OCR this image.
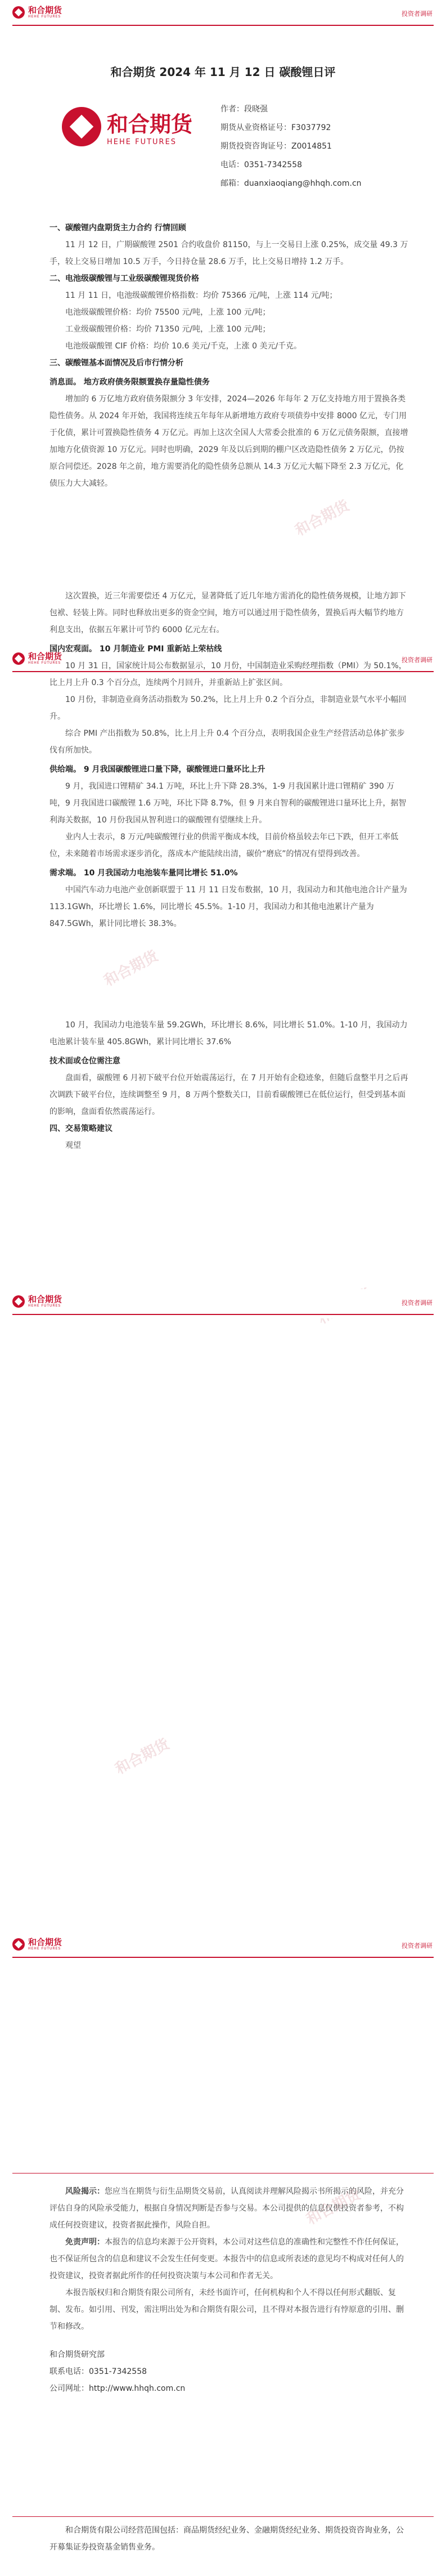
和合期货
HEHE FUTURES	投资者调研
和合期货 2024 年 11 月 12 日 碳酸锂日评
和合期货
HEHE FUTURES
作者：段晓强
期货从业资格证号：F3037792
期货投资咨询证号：Z0014851
电话：0351-7342558
邮箱：duanxiaoqiang@hhqh.com.cn
和合期货
和合期货
和合期货
和合期货
和合期货
HEHE FUTURES	投资者调研
和合期货
HEHE FUTURES	投资者调研
和合期货
HEHE FUTURES	投资者调研
一、碳酸锂内盘期货主力合约 行情回顾
11 月 12 日，广期碳酸锂 2501 合约收盘价 81150，与上一交易日上涨 0.25%，成交量 49.3 万手，较上交易日增加 10.5 万手，今日持仓量 28.6 万手，比上交易日增持 1.2 万手。
二、电池级碳酸锂与工业级碳酸锂现货价格
11 月 11 日，电池级碳酸锂价格指数：均价 75366 元/吨，上涨 114 元/吨；
电池级碳酸锂价格：均价 75500 元/吨，上涨 100 元/吨；
工业级碳酸锂价格：均价 71350 元/吨，上涨 100 元/吨；
电池级碳酸锂 CIF 价格：均价 10.6 美元/千克，上涨 0 美元/千克。
三、碳酸锂基本面情况及后市行情分析
消息面。 地方政府债务限额置换存量隐性债务
增加的 6 万亿地方政府债务限额分 3 年安排，2024—2026 年每年 2 万亿支持地方用于置换各类隐性债务。从 2024 年开始，我国将连续五年每年从新增地方政府专项债券中安排 8000 亿元，专门用于化债，累计可置换隐性债务 4 万亿元。再加上这次全国人大常委会批准的 6 万亿元债务限额，直接增加地方化债资源 10 万亿元。同时也明确，2029 年及以后到期的棚户区改造隐性债务 2 万亿元，仍按原合同偿还。2028 年之前，地方需要消化的隐性债务总额从 14.3 万亿元大幅下降至 2.3 万亿元，化债压力大大减轻。
这次置换，近三年需要偿还 4 万亿元，显著降低了近几年地方需消化的隐性债务规模，让地方卸下包袱、轻装上阵。同时也释放出更多的资金空间，地方可以通过用于隐性债务，置换后再大幅节约地方利息支出，依据五年累计可节约 6000 亿元左右。
国内宏观面。 10 月制造业 PMI 重新站上荣枯线
10 月 31 日，国家统计局公布数据显示，10 月份，中国制造业采购经理指数（PMI）为 50.1%，比上月上升 0.3 个百分点，连续两个月回升，并重新站上扩张区间。
10 月份，非制造业商务活动指数为 50.2%，比上月上升 0.2 个百分点，非制造业景气水平小幅回升。
综合 PMI 产出指数为 50.8%，比上月上升 0.4 个百分点，表明我国企业生产经营活动总体扩张步伐有所加快。
供给端。 9 月我国碳酸锂进口量下降，碳酸锂进口量环比上升
9 月，我国进口锂精矿 34.1 万吨，环比上升下降 28.3%，1-9 月我国累计进口锂精矿 390 万吨，9 月我国进口碳酸锂 1.6 万吨，环比下降 8.7%，但 9 月来自智利的碳酸锂进口量环比上升，据智利海关数据，10 月份我国从智利进口的碳酸锂有望继续上升。
业内人士表示，8 万元/吨碳酸锂行业的供需平衡成本线，目前价格虽较去年已下跌，但开工率低位，未来随着市场需求逐步消化，落成本产能陆续出清，碳价“磨底”的情况有望得到改善。
需求端。 10 月我国动力电池装车量同比增长 51.0%
中国汽车动力电池产业创新联盟于 11 月 11 日发布数据，10 月，我国动力和其他电池合计产量为 113.1GWh，环比增长 1.6%，同比增长 45.5%。1-10 月，我国动力和其他电池累计产量为 847.5GWh，累计同比增长 38.3%。
10 月，我国动力电池装车量 59.2GWh，环比增长 8.6%，同比增长 51.0%。1-10 月，我国动力电池累计装车量 405.8GWh，累计同比增长 37.6%
技术面或仓位需注意
盘面看，碳酸锂 6 月初下破平台位开始震荡运行，在 7 月开始有企稳迹象，但随后盘整半月之后再次调跌下破平台位，连续调整至 9 月，8 万两个整数关口，目前看碳酸锂已在低位运行，但受到基本面的影响，盘面看依然震荡运行。
四、交易策略建议
观望
风险揭示：您应当在期货与衍生品期货交易前，认真阅读并理解风险揭示书所揭示的风险，并充分评估自身的风险承受能力，根据自身情况判断是否参与交易。本公司提供的信息仅供投资者参考，不构成任何投资建议，投资者据此操作，风险自担。
免责声明：本报告的信息均来源于公开资料，本公司对这些信息的准确性和完整性不作任何保证，也不保证所包含的信息和建议不会发生任何变更。本报告中的信息或所表述的意见均不构成对任何人的投资建议，投资者据此所作的任何投资决策与本公司和作者无关。
本报告版权归和合期货有限公司所有，未经书面许可，任何机构和个人不得以任何形式翻版、复制、发布。如引用、刊发，需注明出处为和合期货有限公司，且不得对本报告进行有悖原意的引用、删节和修改。
和合期货研究部
联系电话：0351-7342558
公司网址：http://www.hhqh.com.cn
和合期货有限公司经营范围包括：商品期货经纪业务、金融期货经纪业务、期货投资咨询业务，公开募集证券投资基金销售业务。
